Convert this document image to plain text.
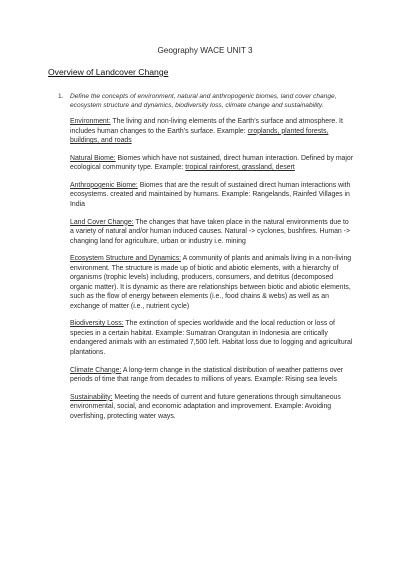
Geography WACE UNIT 3
Overview of Landcover Change
1. Define the concepts of environment, natural and anthropogenic biomes, land cover change, ecosystem structure and dynamics, biodiversity loss, climate change and sustainability.

Environment: The living and non-living elements of the Earth’s surface and atmosphere. It includes human changes to the Earth’s surface. Example: croplands, planted forests, buildings, and roads

Natural Biome: Biomes which have not sustained, direct human interaction. Defined by major ecological community type. Example: tropical rainforest, grassland, desert

Anthropogenic Biome: Biomes that are the result of sustained direct human interactions with ecosystems. created and maintained by humans. Example: Rangelands, Rainfed Villages in India

Land Cover Change: The changes that have taken place in the natural environments due to a variety of natural and/or human induced causes. Natural -> cyclones, bushfires. Human -> changing land for agriculture, urban or industry i.e. mining

Ecosystem Structure and Dynamics: A community of plants and animals living in a non-living environment. The structure is made up of biotic and abiotic elements, with a hierarchy of organisms (trophic levels) including, producers, consumers, and detritus (decomposed organic matter). It is dynamic as there are relationships between biotic and abiotic elements, such as the flow of energy between elements (i.e., food chains & webs) as well as an exchange of matter (i.e., nutrient cycle)

Biodiversity Loss: The extinction of species worldwide and the local reduction or loss of species in a certain habitat. Example: Sumatran Orangutan in Indonesia are critically endangered animals with an estimated 7,500 left. Habitat loss due to logging and agricultural plantations.

Climate Change: A long-term change in the statistical distribution of weather patterns over periods of time that range from decades to millions of years. Example: Rising sea levels

Sustainability: Meeting the needs of current and future generations through simultaneous environmental, social, and economic adaptation and improvement. Example: Avoiding overfishing, protecting water ways.
